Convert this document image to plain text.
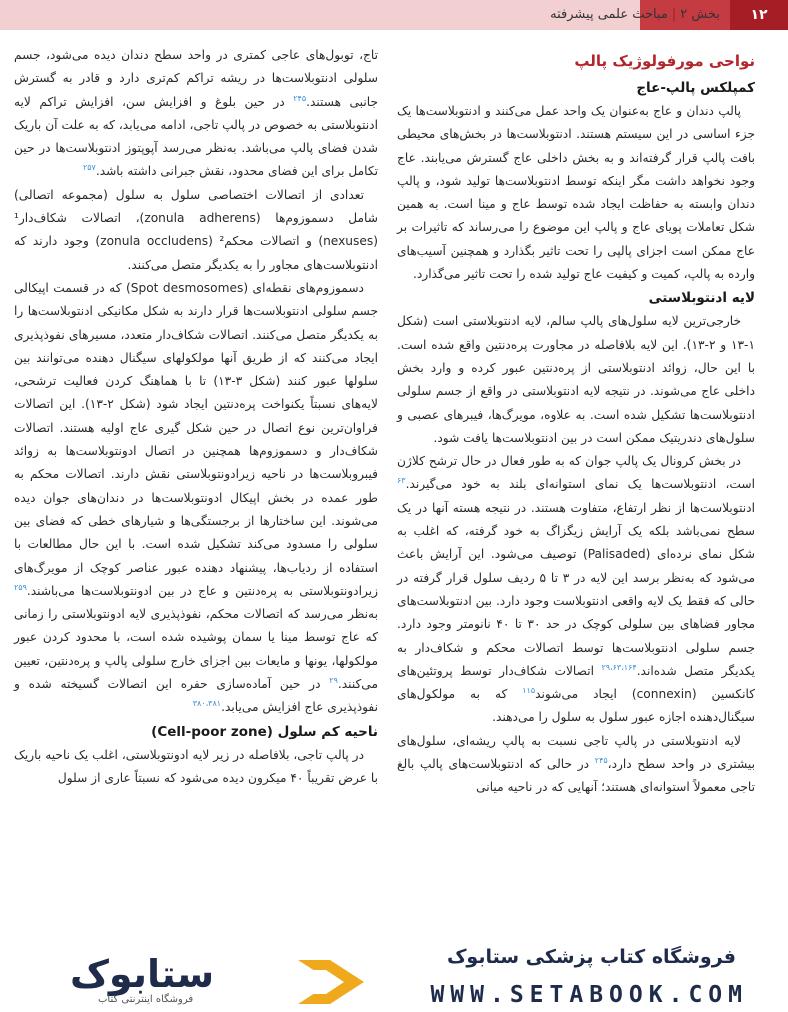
بخش ۲|مباحث علمی پیشرفته	۱۲
نواحی مورفولوژیک پالپ
کمپلکس پالپ-عاج

پالپ دندان و عاج به‌عنوان یک واحد عمل می‌کنند و ادنتوبلاست‌ها یک جزء اساسی در این سیستم هستند. ادنتوبلاست‌ها در بخش‌های محیطی بافت پالپ قرار گرفته‌اند و به بخش داخلی عاج گسترش می‌یابند. عاج وجود نخواهد داشت مگر اینکه توسط ادنتوبلاست‌ها تولید شود، و پالپ دندان وابسته به حفاظت ایجاد شده توسط عاج و مینا است. به همین شکل تعاملات پویای عاج و پالپ این موضوع را می‌رساند که تاثیرات بر عاج ممکن است اجزای پالپی را تحت تاثیر بگذارد و همچنین آسیب‌های وارده به پالپ، کمیت و کیفیت عاج تولید شده را تحت تاثیر می‌گذارد.

لایه ادنتوبلاستی

خارجی‌ترین لایه سلول‌های پالپ سالم، لایه ادنتوبلاستی است (شکل ۱-۱۳ و ۲-۱۳). این لایه بلافاصله در مجاورت پره‌دنتین واقع شده است. با این حال، زوائد ادنتوبلاستی از پره‌دنتین عبور کرده و وارد بخش داخلی عاج می‌شوند. در نتیجه لایه ادنتوبلاستی در واقع از جسم سلولی ادنتوبلاست‌ها تشکیل شده است. به علاوه، مویرگ‌ها، فیبرهای عصبی و سلول‌های دندریتیک ممکن است در بین ادنتوبلاست‌ها یافت شود.

در بخش کرونال یک پالپ جوان که به طور فعال در حال ترشح کلاژن است، ادنتوبلاست‌ها یک نمای استوانه‌ای بلند به خود می‌گیرند.$^{۶۳}$ ادنتوبلاست‌ها از نظر ارتفاع، متفاوت هستند. در نتیجه هسته آنها در یک سطح نمی‌باشد بلکه یک آرایش زیگزاگ به خود گرفته، که اغلب به شکل نمای نرده‌ای (Palisaded) توصیف می‌شود. این آرایش باعث می‌شود که به‌نظر برسد این لایه در ۳ تا ۵ ردیف سلول قرار گرفته در حالی که فقط یک لایه واقعی ادنتوبلاست وجود دارد. بین ادنتوبلاست‌های مجاور فضاهای بین سلولی کوچک در حد ۳۰ تا ۴۰ نانومتر وجود دارد. جسم سلولی ادنتوبلاست‌ها توسط اتصالات محکم و شکاف‌دار به یکدیگر متصل شده‌اند.$^{۲۹،۶۳،۱۶۴}$ اتصالات شکاف‌دار توسط پروتئین‌های کانکسین (connexin) ایجاد می‌شوند$^{۱۱۵}$ که به مولکول‌های سیگنال‌دهنده اجازه عبور سلول به سلول را می‌دهند.

لایه ادنتوبلاستی در پالپ تاجی نسبت به پالپ ریشه‌ای، سلول‌های بیشتری در واحد سطح دارد،$^{۲۴۵}$ در حالی که ادنتوبلاست‌های پالپ بالغ تاجی معمولاً استوانه‌ای هستند؛ آنهایی که در ناحیه میانی

تاج، توبول‌های عاجی کمتری در واحد سطح دندان دیده می‌شود، جسم سلولی ادنتوبلاست‌ها در ریشه تراکم کم‌تری دارد و قادر به گسترش جانبی هستند.$^{۲۴۵}$ در حین بلوغ و افزایش سن، افزایش تراکم لایه ادنتوبلاستی به خصوص در پالپ تاجی، ادامه می‌یابد، که به علت آن باریک شدن فضای پالپ می‌باشد. به‌نظر می‌رسد آپوپتوز ادنتوبلاست‌ها در حین تکامل برای این فضای محدود، نقش جبرانی داشته باشد.$^{۲۵۷}$

تعدادی از اتصالات اختصاصی سلول به سلول (مجموعه اتصالی) شامل دسموزوم‌ها (zonula adherens)، اتصالات شکاف‌دار¹ (nexuses) و اتصالات محکم² (zonula occludens) وجود دارند که ادنتوبلاست‌های مجاور را به یکدیگر متصل می‌کنند.

دسموزوم‌های نقطه‌ای (Spot desmosomes) که در قسمت اپیکالی جسم سلولی ادنتوبلاست‌ها قرار دارند به شکل مکانیکی ادنتوبلاست‌ها را به یکدیگر متصل می‌کنند. اتصالات شکاف‌دار متعدد، مسیرهای نفوذپذیری ایجاد می‌کنند که از طریق آنها مولکولهای سیگنال دهنده می‌توانند بین سلولها عبور کنند (شکل ۳-۱۳) تا با هماهنگ کردن فعالیت ترشحی، لایه‌های نسبتاً یکنواخت پره‌دنتین ایجاد شود (شکل ۲-۱۳). این اتصالات فراوان‌ترین نوع اتصال در حین شکل گیری عاج اولیه هستند. اتصالات شکاف‌دار و دسموزوم‌ها همچنین در اتصال ادونتوبلاست‌ها به زوائد فیبروبلاست‌ها در ناحیه زیرادونتوبلاستی نقش دارند. اتصالات محکم به طور عمده در بخش اپیکال ادونتوبلاست‌ها در دندان‌های جوان دیده می‌شوند. این ساختارها از برجستگی‌ها و شیارهای خطی که فضای بین سلولی را مسدود می‌کند تشکیل شده است. با این حال مطالعات با استفاده از ردیاب‌ها، پیشنهاد دهنده عبور عناصر کوچک از مویرگ‌های زیرادونتوبلاستی به پره‌دنتین و عاج در بین ادونتوبلاست‌ها می‌باشند.$^{۲۵۹}$ به‌نظر می‌رسد که اتصالات محکم، نفوذپذیری لایه ادونتوبلاستی را زمانی که عاج توسط مینا یا سمان پوشیده شده است، با محدود کردن عبور مولکولها، یونها و مایعات بین اجزای خارج سلولی پالپ و پره‌دنتین، تعیین می‌کنند.$^{۲۹}$ در حین آماده‌سازی حفره این اتصالات گسیخته شده و نفوذپذیری عاج افزایش می‌یابد.$^{۳۸۰،۳۸۱}$

ناحیه کم سلول (Cell-poor zone)

در پالپ تاجی، بلافاصله در زیر لایه ادونتوبلاستی، اغلب یک ناحیه باریک با عرض تقریباً ۴۰ میکرون دیده می‌شود که نسبتاً عاری از سلول

ستابوک
فروشگاه اینترنتی کتاب
فروشگاه کتاب پزشکی ستابوک
WWW.SETABOOK.COM
